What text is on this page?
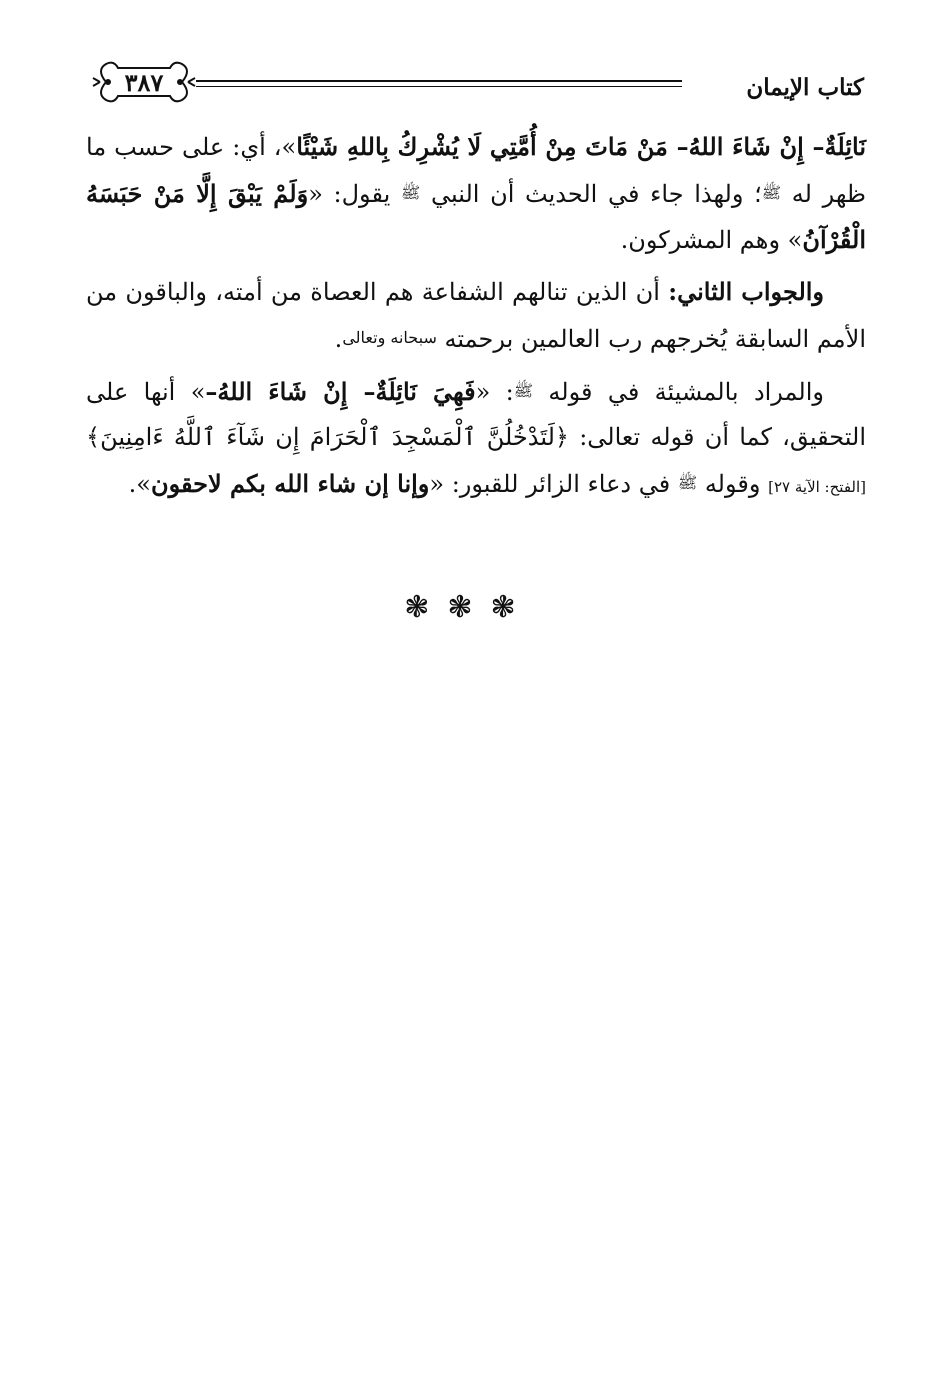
كتاب الإيمان
٣٨٧

نَائِلَةٌ– إِنْ شَاءَ اللهُ– مَنْ مَاتَ مِنْ أُمَّتِي لَا يُشْرِكُ بِاللهِ شَيْئًا»، أي: على حسب ما ظهر له ﷺ؛ ولهذا جاء في الحديث أن النبي ﷺ يقول: «وَلَمْ يَبْقَ إِلَّا مَنْ حَبَسَهُ الْقُرْآنُ» وهم المشركون.

والجواب الثاني: أن الذين تنالهم الشفاعة هم العصاة من أمته، والباقون من الأمم السابقة يُخرجهم رب العالمين برحمته سبحانه وتعالى.

والمراد بالمشيئة في قوله ﷺ: «فَهِيَ نَائِلَةٌ– إِنْ شَاءَ اللهُ–» أنها على التحقيق، كما أن قوله تعالى: ﴿لَتَدْخُلُنَّ ٱلْمَسْجِدَ ٱلْحَرَامَ إِن شَآءَ ٱللَّهُ ءَامِنِينَ﴾ [الفتح: الآية ٢٧] وقوله ﷺ في دعاء الزائر للقبور: «وإنا إن شاء الله بكم لاحقون».

❃❃❃
